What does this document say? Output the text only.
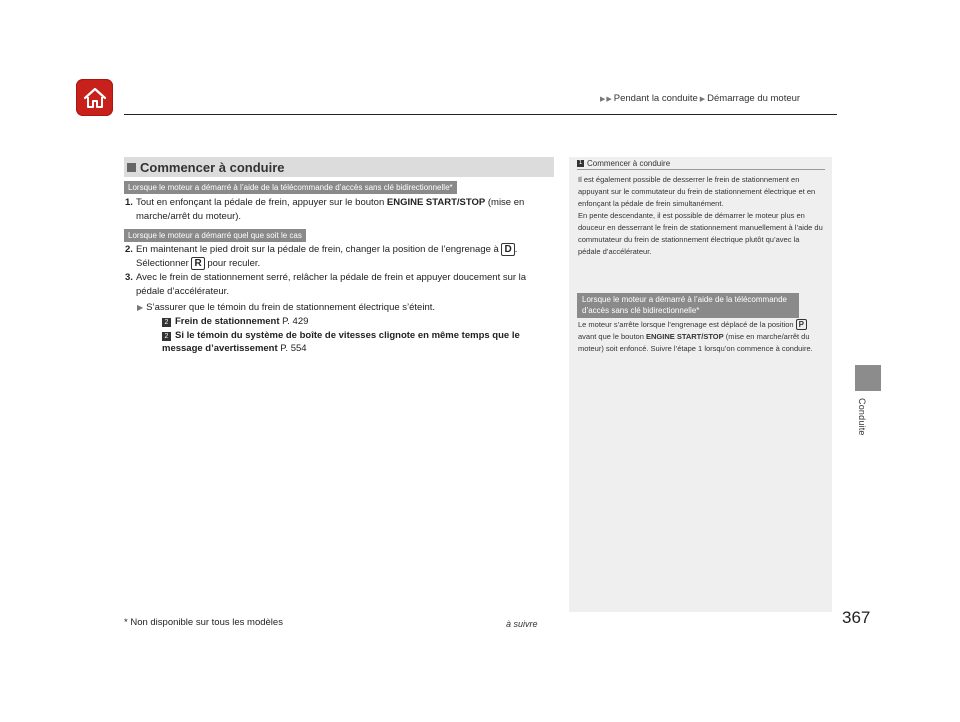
▶ ▶ Pendant la conduite ▶ Démarrage du moteur
Conduite
Commencer à conduire
Lorsque le moteur a démarré à l’aide de la télécommande d’accès sans clé bidirectionnelle*
1. Tout en enfonçant la pédale de frein, appuyer sur le bouton ENGINE START/STOP (mise en marche/arrêt du moteur).
Lorsque le moteur a démarré quel que soit le cas
2. En maintenant le pied droit sur la pédale de frein, changer la position de l’engrenage à D . Sélectionner R pour reculer.
3. Avec le frein de stationnement serré, relâcher la pédale de frein et appuyer doucement sur la pédale d’accélérateur.
▶ S’assurer que le témoin du frein de stationnement électrique s’éteint.
2 Frein de stationnement P. 429
2 Si le témoin du système de boîte de vitesses clignote en même temps que le message d’avertissement P. 554
1 Commencer à conduire
Il est également possible de desserrer le frein de stationnement en appuyant sur le commutateur du frein de stationnement électrique et en enfonçant la pédale de frein simultanément.
En pente descendante, il est possible de démarrer le moteur plus en douceur en desserrant le frein de stationnement manuellement à l’aide du commutateur du frein de stationnement électrique plutôt qu’avec la pédale d’accélérateur.
Lorsque le moteur a démarré à l’aide de la télécommande d’accès sans clé bidirectionnelle*
Le moteur s’arrête lorsque l’engrenage est déplacé de la position P avant que le bouton ENGINE START/STOP (mise en marche/arrêt du moteur) soit enfoncé. Suivre l’étape 1 lorsqu’on commence à conduire.
* Non disponible sur tous les modèles	à suivre	367
